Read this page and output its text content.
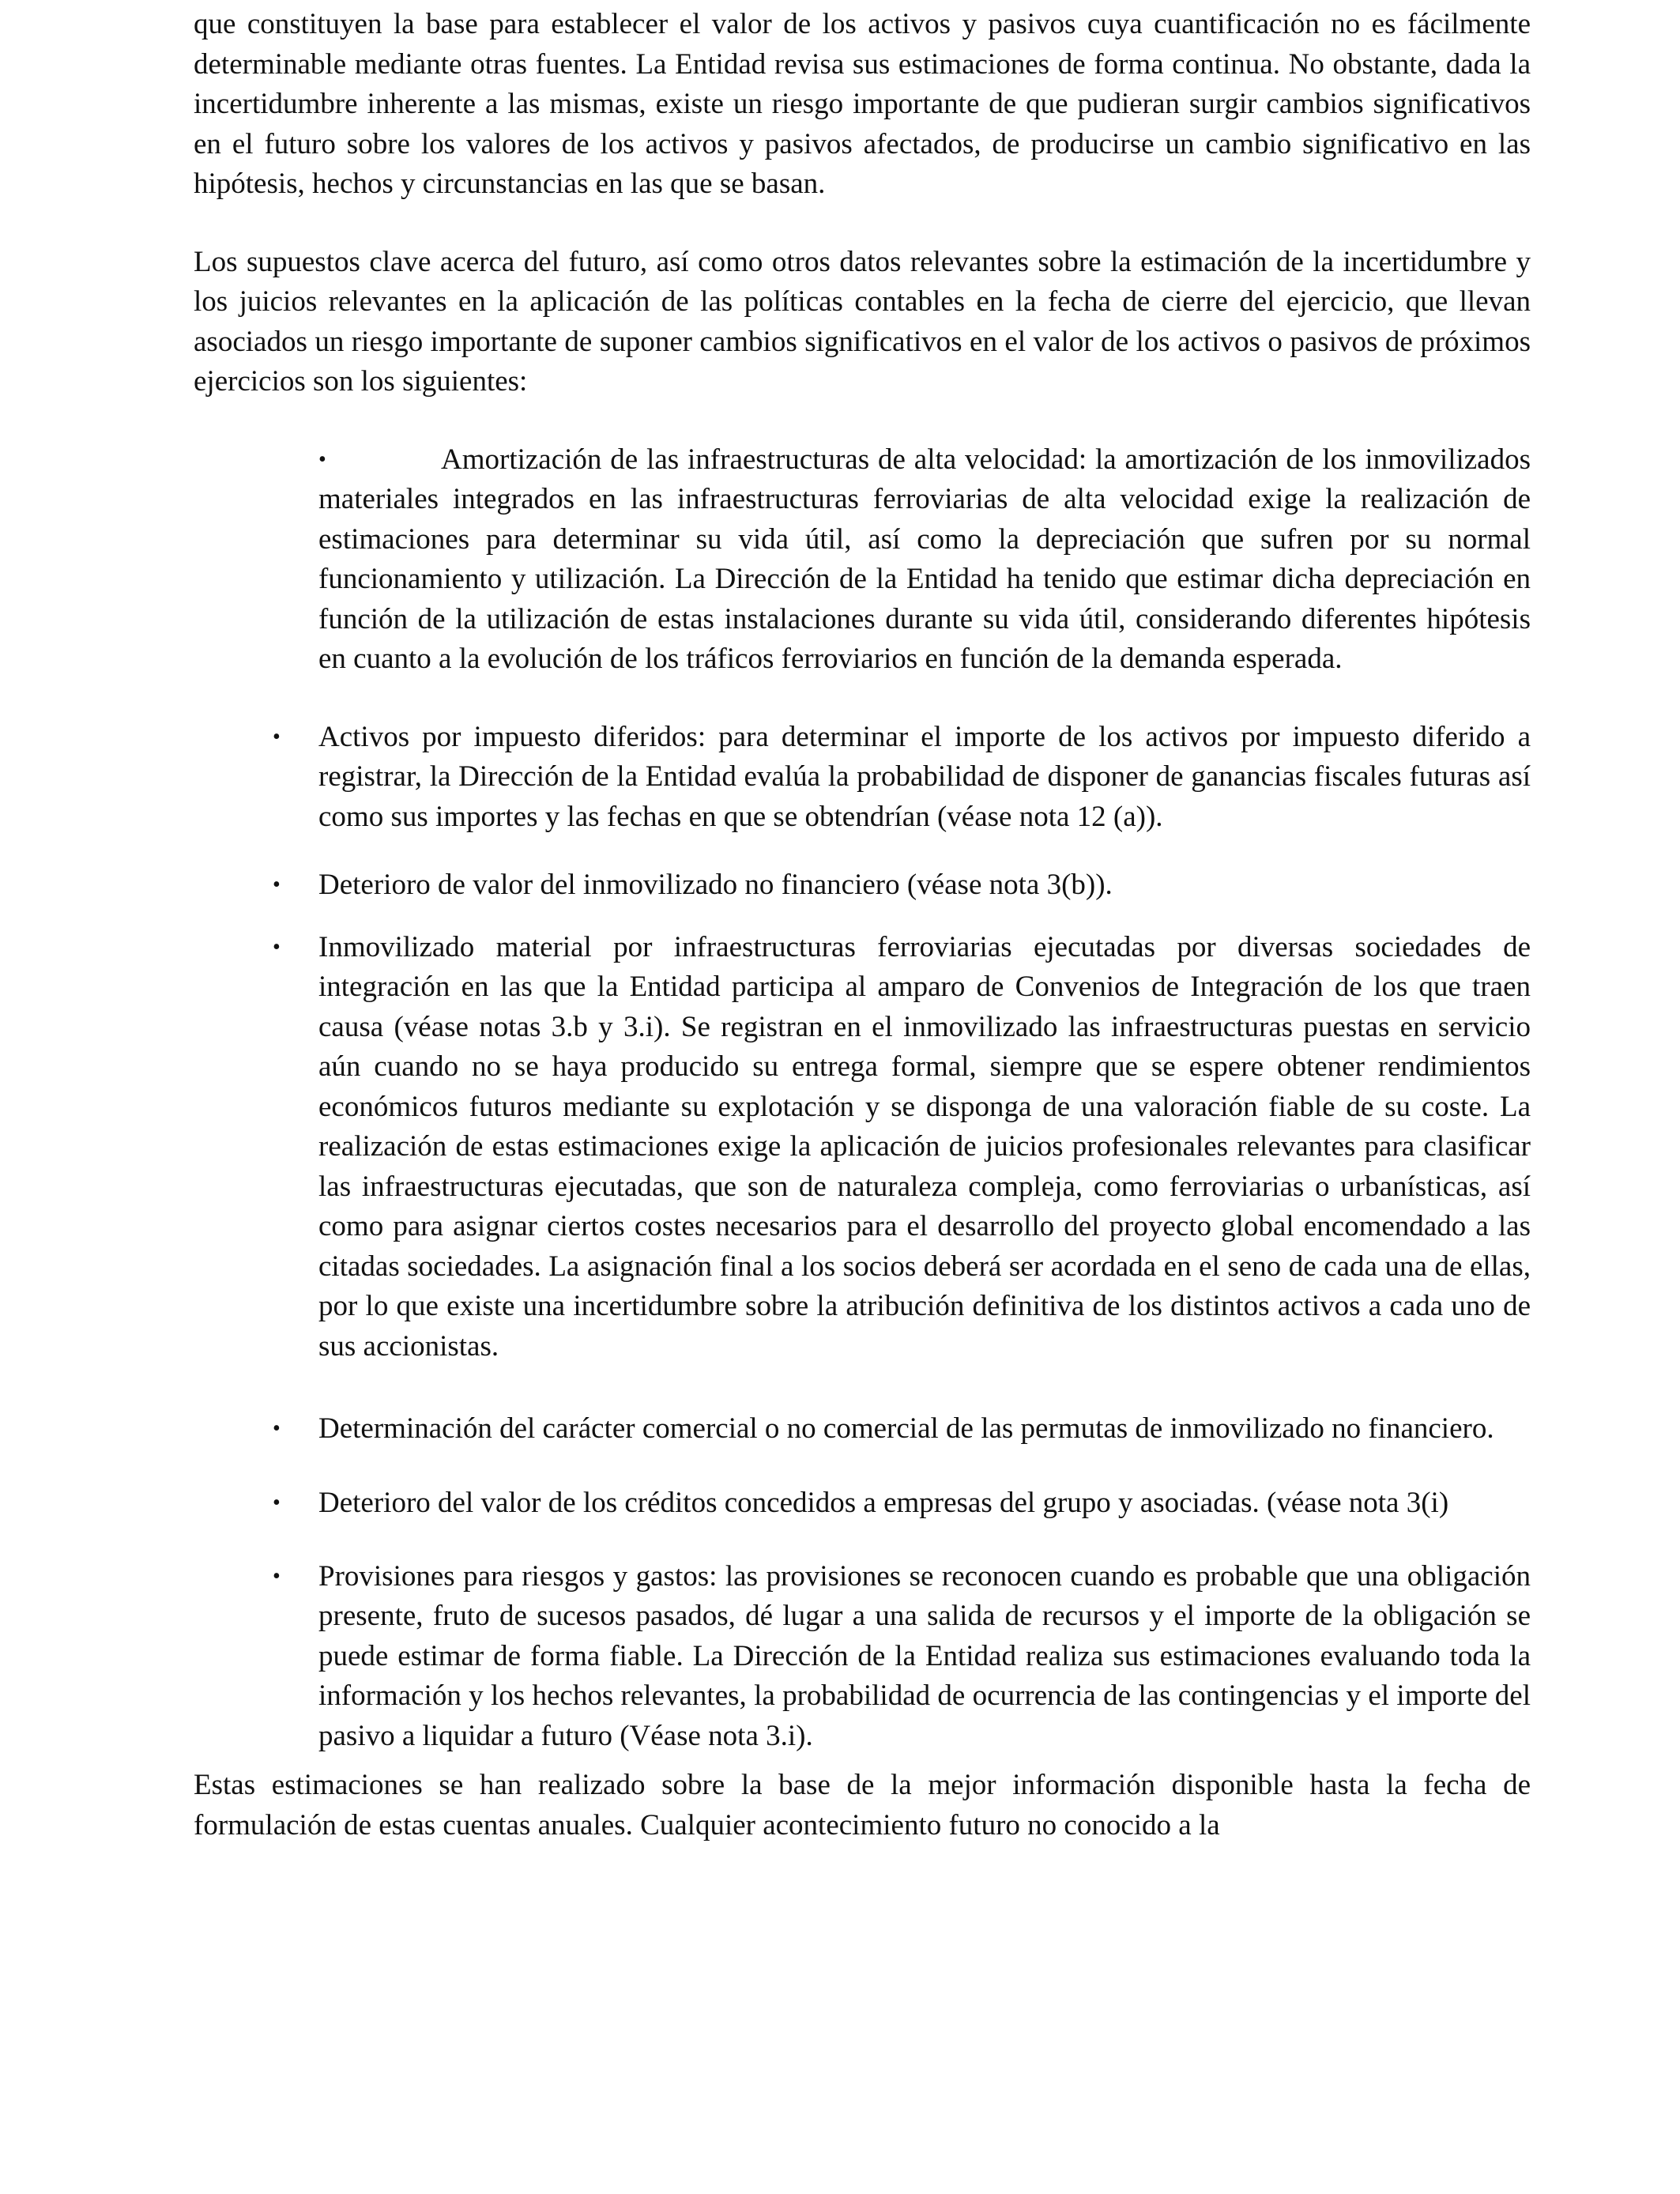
que constituyen la base para establecer el valor de los activos y pasivos cuya cuantificación no es fácilmente determinable mediante otras fuentes. La Entidad revisa sus estimaciones de forma continua. No obstante, dada la incertidumbre inherente a las mismas, existe un riesgo importante de que pudieran surgir cambios significativos en el futuro sobre los valores de los activos y pasivos afectados, de producirse un cambio significativo en las hipótesis, hechos y circunstancias en las que se basan.

Los supuestos clave acerca del futuro, así como otros datos relevantes sobre la estimación de la incertidumbre y los juicios relevantes en la aplicación de las políticas contables en la fecha de cierre del ejercicio, que llevan asociados un riesgo importante de suponer cambios significativos en el valor de los activos o pasivos de próximos ejercicios son los siguientes:

•	Amortización de las infraestructuras de alta velocidad: la amortización de los inmovilizados materiales integrados en las infraestructuras ferroviarias de alta velocidad exige la realización de estimaciones para determinar su vida útil, así como la depreciación que sufren por su normal funcionamiento y utilización. La Dirección de la Entidad ha tenido que estimar dicha depreciación en función de la utilización de estas instalaciones durante su vida útil, considerando diferentes hipótesis en cuanto a la evolución de los tráficos ferroviarios en función de la demanda esperada.
• Activos por impuesto diferidos: para determinar el importe de los activos por impuesto diferido a registrar, la Dirección de la Entidad evalúa la probabilidad de disponer de ganancias fiscales futuras así como sus importes y las fechas en que se obtendrían (véase nota 12 (a)).
• Deterioro de valor del inmovilizado no financiero (véase nota 3(b)).
• Inmovilizado material por infraestructuras ferroviarias ejecutadas por diversas sociedades de integración en las que la Entidad participa al amparo de Convenios de Integración de los que traen causa (véase notas 3.b y 3.i). Se registran en el inmovilizado las infraestructuras puestas en servicio aún cuando no se haya producido su entrega formal, siempre que se espere obtener rendimientos económicos futuros mediante su explotación y se disponga de una valoración fiable de su coste. La realización de estas estimaciones exige la aplicación de juicios profesionales relevantes para clasificar las infraestructuras ejecutadas, que son de naturaleza compleja, como ferroviarias o urbanísticas, así como para asignar ciertos costes necesarios para el desarrollo del proyecto global encomendado a las citadas sociedades. La asignación final a los socios deberá ser acordada en el seno de cada una de ellas, por lo que existe una incertidumbre sobre la atribución definitiva de los distintos activos a cada uno de sus accionistas.
• Determinación del carácter comercial o no comercial de las permutas de inmovilizado no financiero.
• Deterioro del valor de los créditos concedidos a empresas del grupo y asociadas. (véase nota 3(i)
• Provisiones para riesgos y gastos: las provisiones se reconocen cuando es probable que una obligación presente, fruto de sucesos pasados, dé lugar a una salida de recursos y el importe de la obligación se puede estimar de forma fiable. La Dirección de la Entidad realiza sus estimaciones evaluando toda la información y los hechos relevantes, la probabilidad de ocurrencia de las contingencias y el importe del pasivo a liquidar a futuro (Véase nota 3.i).

Estas estimaciones se han realizado sobre la base de la mejor información disponible hasta la fecha de formulación de estas cuentas anuales. Cualquier acontecimiento futuro no conocido a la
